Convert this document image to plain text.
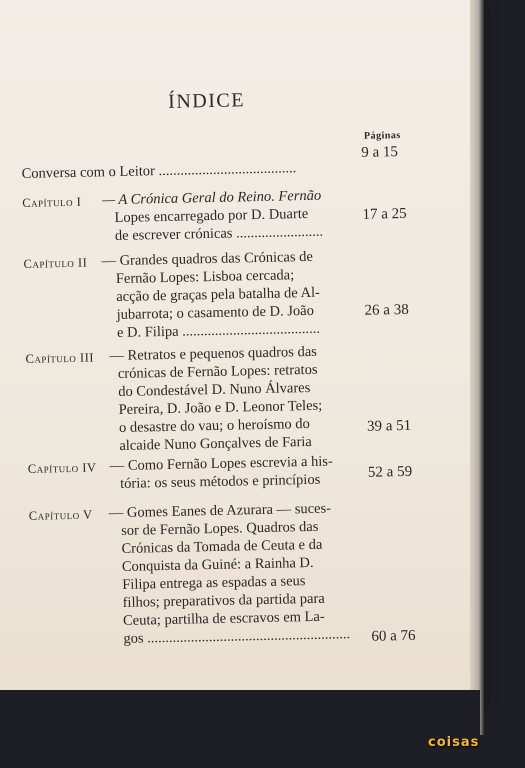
ÍNDICE
Páginas
Conversa com o Leitor ......................................
9 a 15
Capítulo I — A Crónica Geral do Reino. Fernão
Lopes encarregado por D. Duarte
de escrever crónicas ........................
17 a 25
Capítulo II — Grandes quadros das Crónicas de
Fernão Lopes: Lisboa cercada;
acção de graças pela batalha de Al-
jubarrota; o casamento de D. João
e D. Filipa ......................................
26 a 38
Capítulo III — Retratos e pequenos quadros das
crónicas de Fernão Lopes: retratos
do Condestável D. Nuno Álvares
Pereira, D. João e D. Leonor Teles;
o desastre do vau; o heroísmo do
alcaide Nuno Gonçalves de Faria
39 a 51
Capítulo IV — Como Fernão Lopes escrevia a his-
tória: os seus métodos e princípios	52 a 59
Capítulo V — Gomes Eanes de Azurara — suces-
sor de Fernão Lopes. Quadros das
Crónicas da Tomada de Ceuta e da
Conquista da Guiné: a Rainha D.
Filipa entrega as espadas a seus
filhos; preparativos da partida para
Ceuta; partilha de escravos em La-
gos ........................................................ 60 a 76
coisas
